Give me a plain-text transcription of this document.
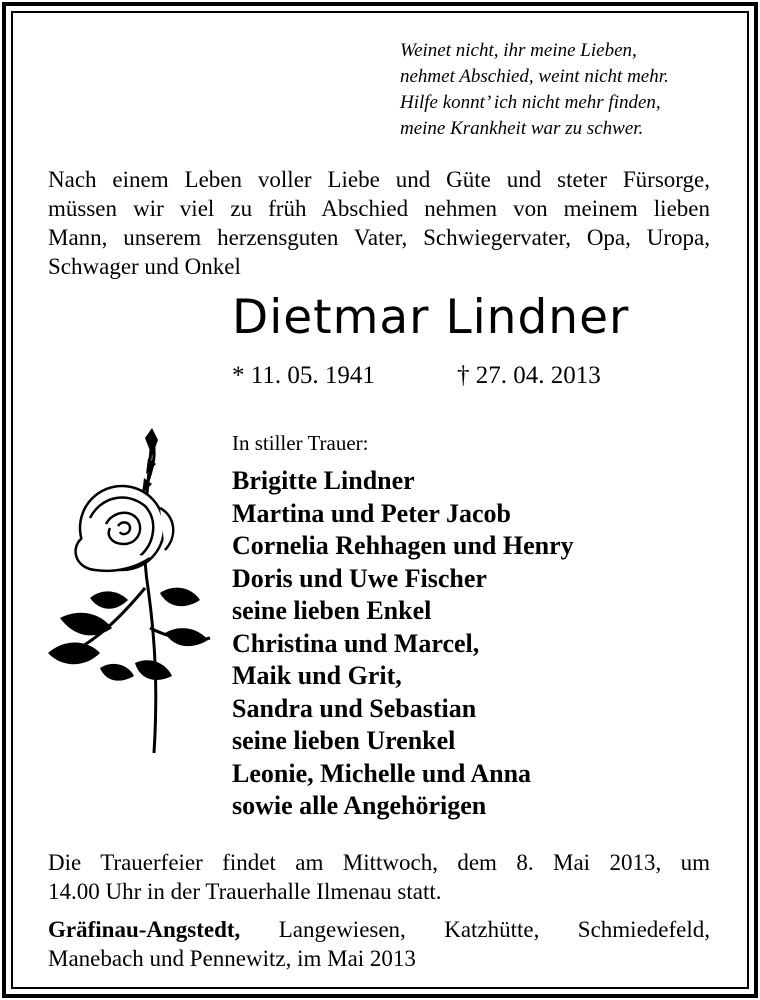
Weinet nicht, ihr meine Lieben,
nehmet Abschied, weint nicht mehr.
Hilfe konnt’ ich nicht mehr finden,
meine Krankheit war zu schwer.
Nach einem Leben voller Liebe und Güte und steter Fürsorge,
müssen wir viel zu früh Abschied nehmen von meinem lieben
Mann, unserem herzensguten Vater, Schwiegervater, Opa, Uropa,
Schwager und Onkel
Dietmar Lindner
* 11. 05. 1941	† 27. 04. 2013
In stiller Trauer:
Brigitte Lindner
Martina und Peter Jacob
Cornelia Rehhagen und Henry
Doris und Uwe Fischer
seine lieben Enkel
Christina und Marcel,
Maik und Grit,
Sandra und Sebastian
seine lieben Urenkel
Leonie, Michelle und Anna
sowie alle Angehörigen
Die Trauerfeier findet am Mittwoch, dem 8. Mai 2013, um
14.00 Uhr in der Trauerhalle Ilmenau statt.
Gräfinau-Angstedt, Langewiesen, Katzhütte, Schmiedefeld,
Manebach und Pennewitz, im Mai 2013
